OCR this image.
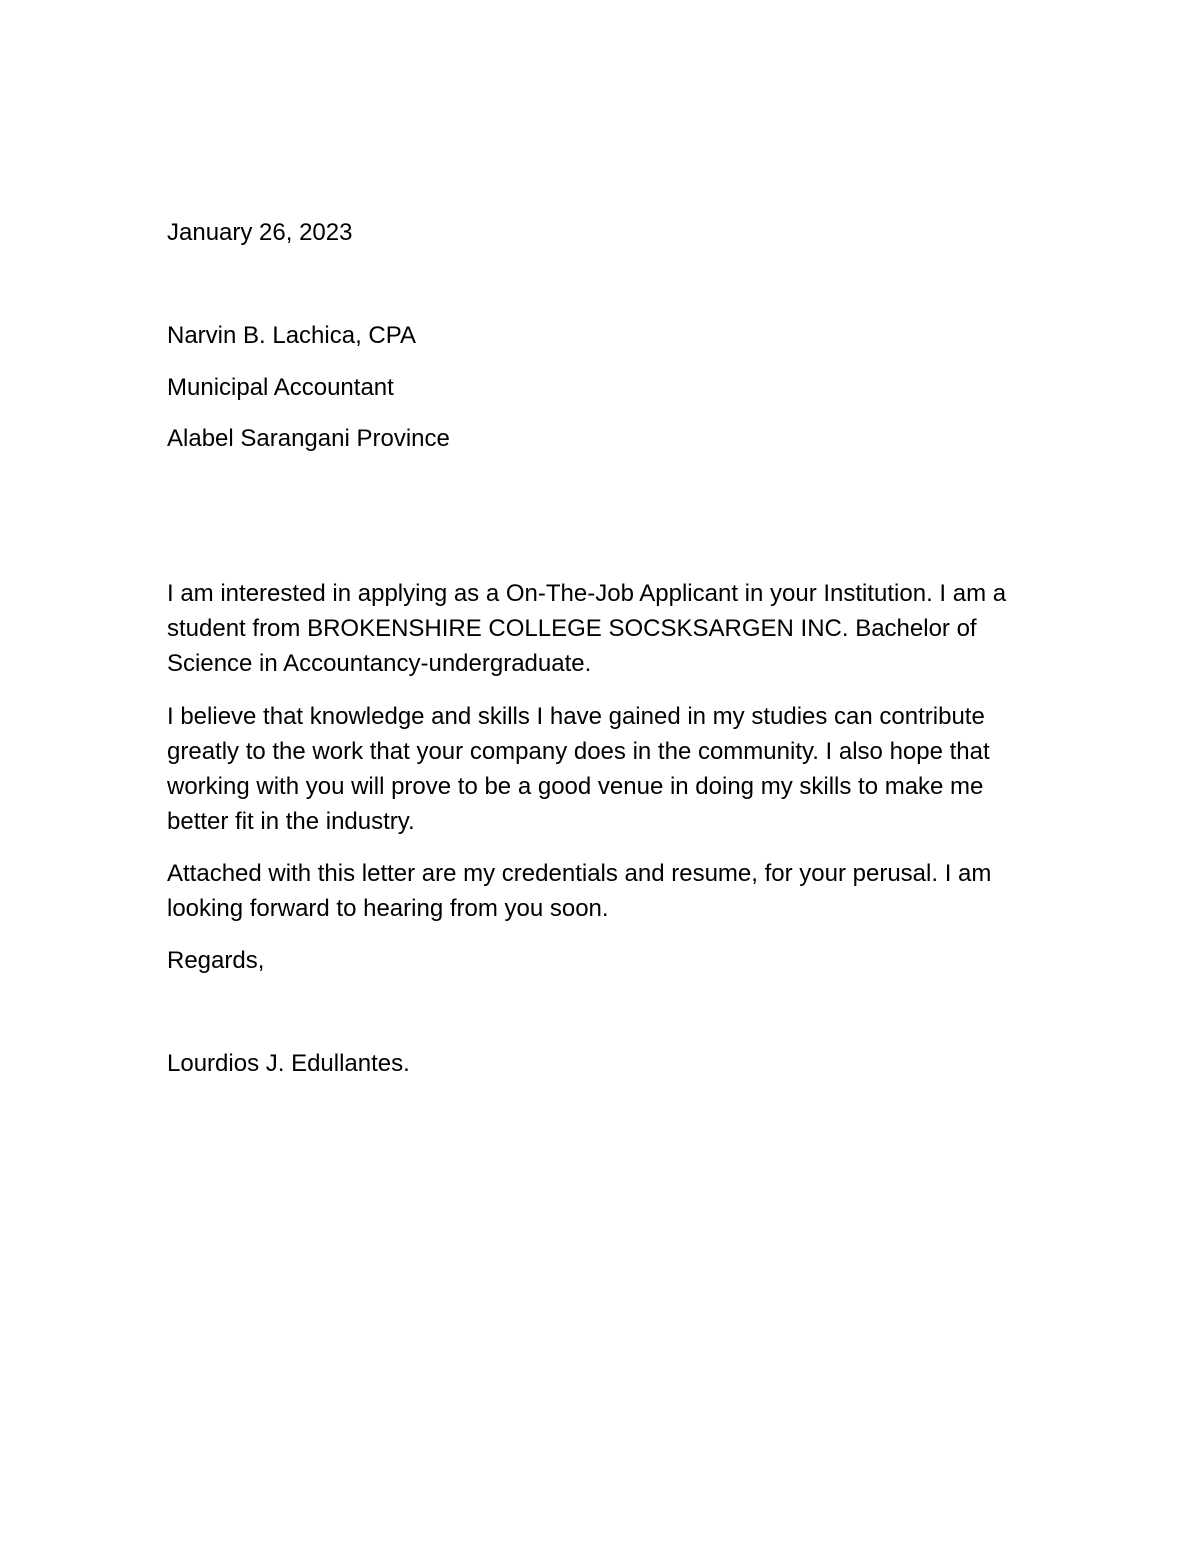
January 26, 2023

Narvin B. Lachica, CPA

Municipal Accountant

Alabel Sarangani Province

I am interested in applying as a On-The-Job Applicant in your Institution. I am a student from BROKENSHIRE COLLEGE SOCSKSARGEN INC. Bachelor of Science in Accountancy-undergraduate.

I believe that knowledge and skills I have gained in my studies can contribute greatly to the work that your company does in the community. I also hope that working with you will prove to be a good venue in doing my skills to make me better fit in the industry.

Attached with this letter are my credentials and resume, for your perusal. I am looking forward to hearing from you soon.

Regards,

Lourdios J. Edullantes.
